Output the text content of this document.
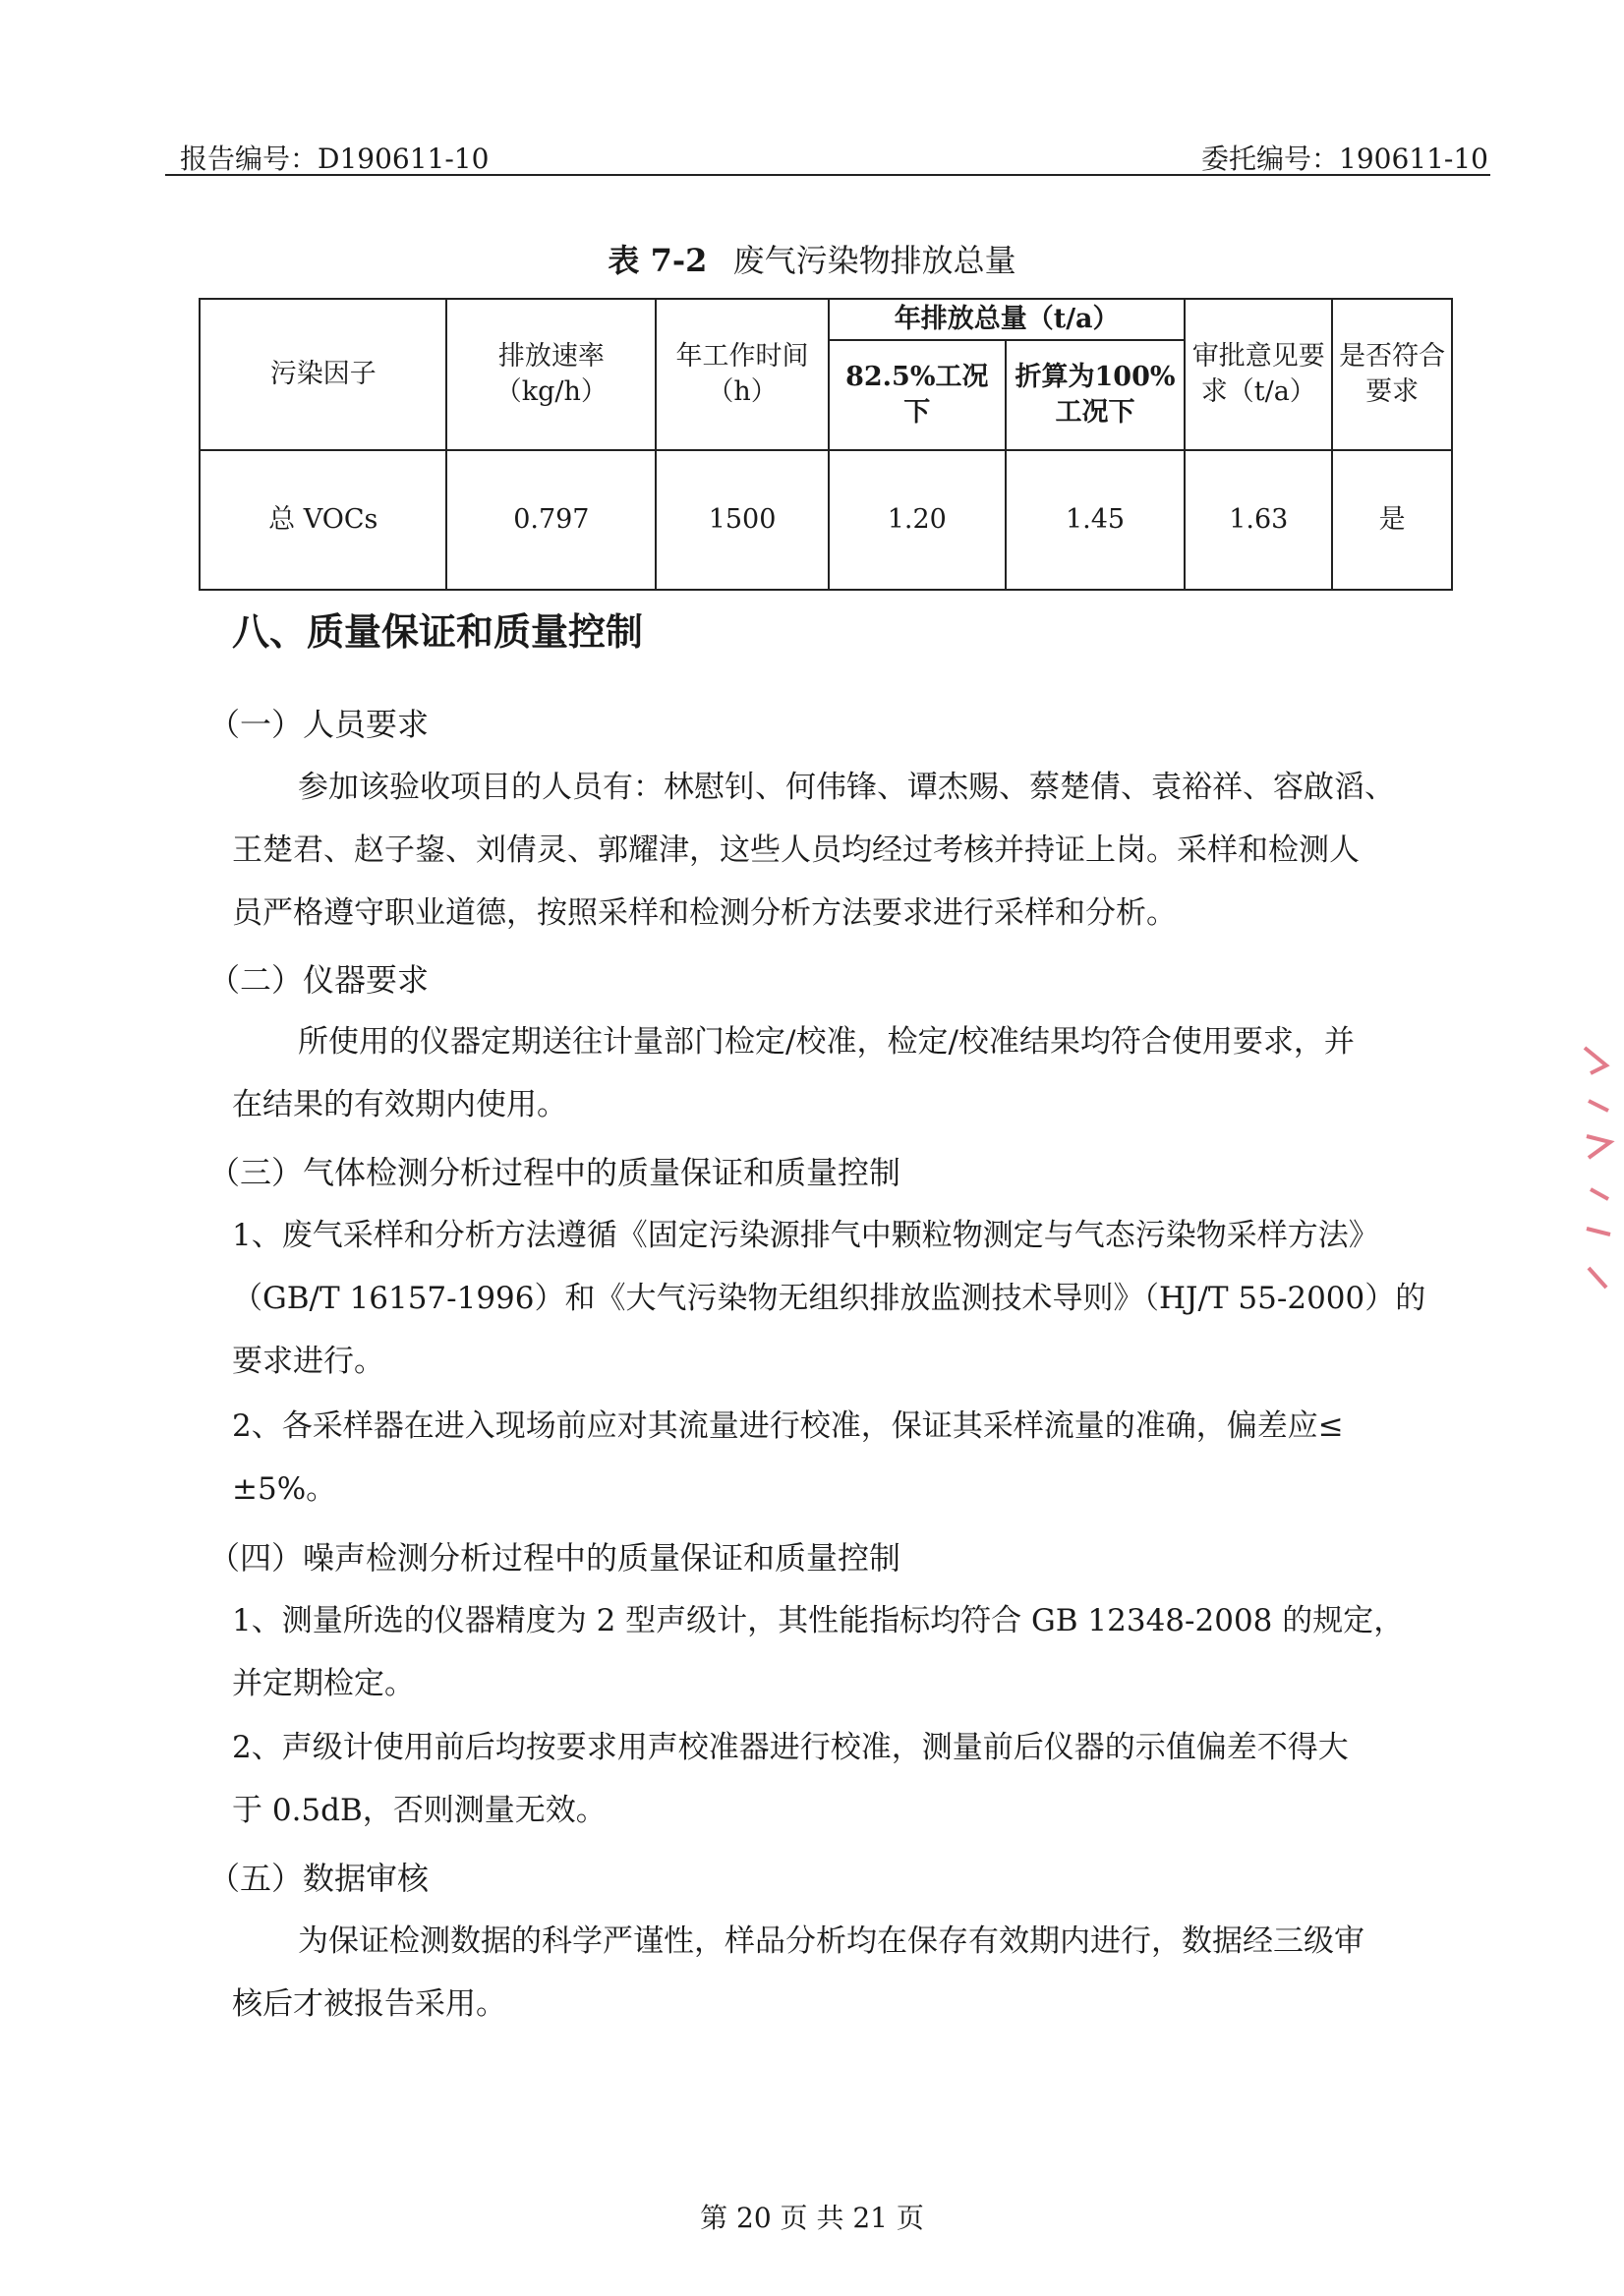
报告编号：D190611-10	委托编号：190611-10
表 7-2 废气污染物排放总量
污染因子	排放速率（kg/h）	年工作时间（h）	年排放总量（t/a）		审批意见要求（t/a）	是否符合要求
			82.5%工况下	折算为100%工况下		
总 VOCs	0.797	1500	1.20	1.45	1.63	是
八、质量保证和质量控制
（一）人员要求
参加该验收项目的人员有：林慰钊、何伟锋、谭杰赐、蔡楚倩、袁裕祥、容啟滔、
王楚君、赵子鋆、刘倩灵、郭耀津，这些人员均经过考核并持证上岗。采样和检测人
员严格遵守职业道德，按照采样和检测分析方法要求进行采样和分析。
（二）仪器要求
所使用的仪器定期送往计量部门检定/校准，检定/校准结果均符合使用要求，并
在结果的有效期内使用。
（三）气体检测分析过程中的质量保证和质量控制
1、废气采样和分析方法遵循《固定污染源排气中颗粒物测定与气态污染物采样方法》
（GB/T 16157-1996）和《大气污染物无组织排放监测技术导则》（HJ/T 55-2000）的
要求进行。
2、各采样器在进入现场前应对其流量进行校准，保证其采样流量的准确，偏差应≤
±5%。
（四）噪声检测分析过程中的质量保证和质量控制
1、测量所选的仪器精度为 2 型声级计，其性能指标均符合 GB 12348-2008 的规定，
并定期检定。
2、声级计使用前后均按要求用声校准器进行校准，测量前后仪器的示值偏差不得大
于 0.5dB，否则测量无效。
（五）数据审核
为保证检测数据的科学严谨性，样品分析均在保存有效期内进行，数据经三级审
核后才被报告采用。
第 20 页 共 21 页
